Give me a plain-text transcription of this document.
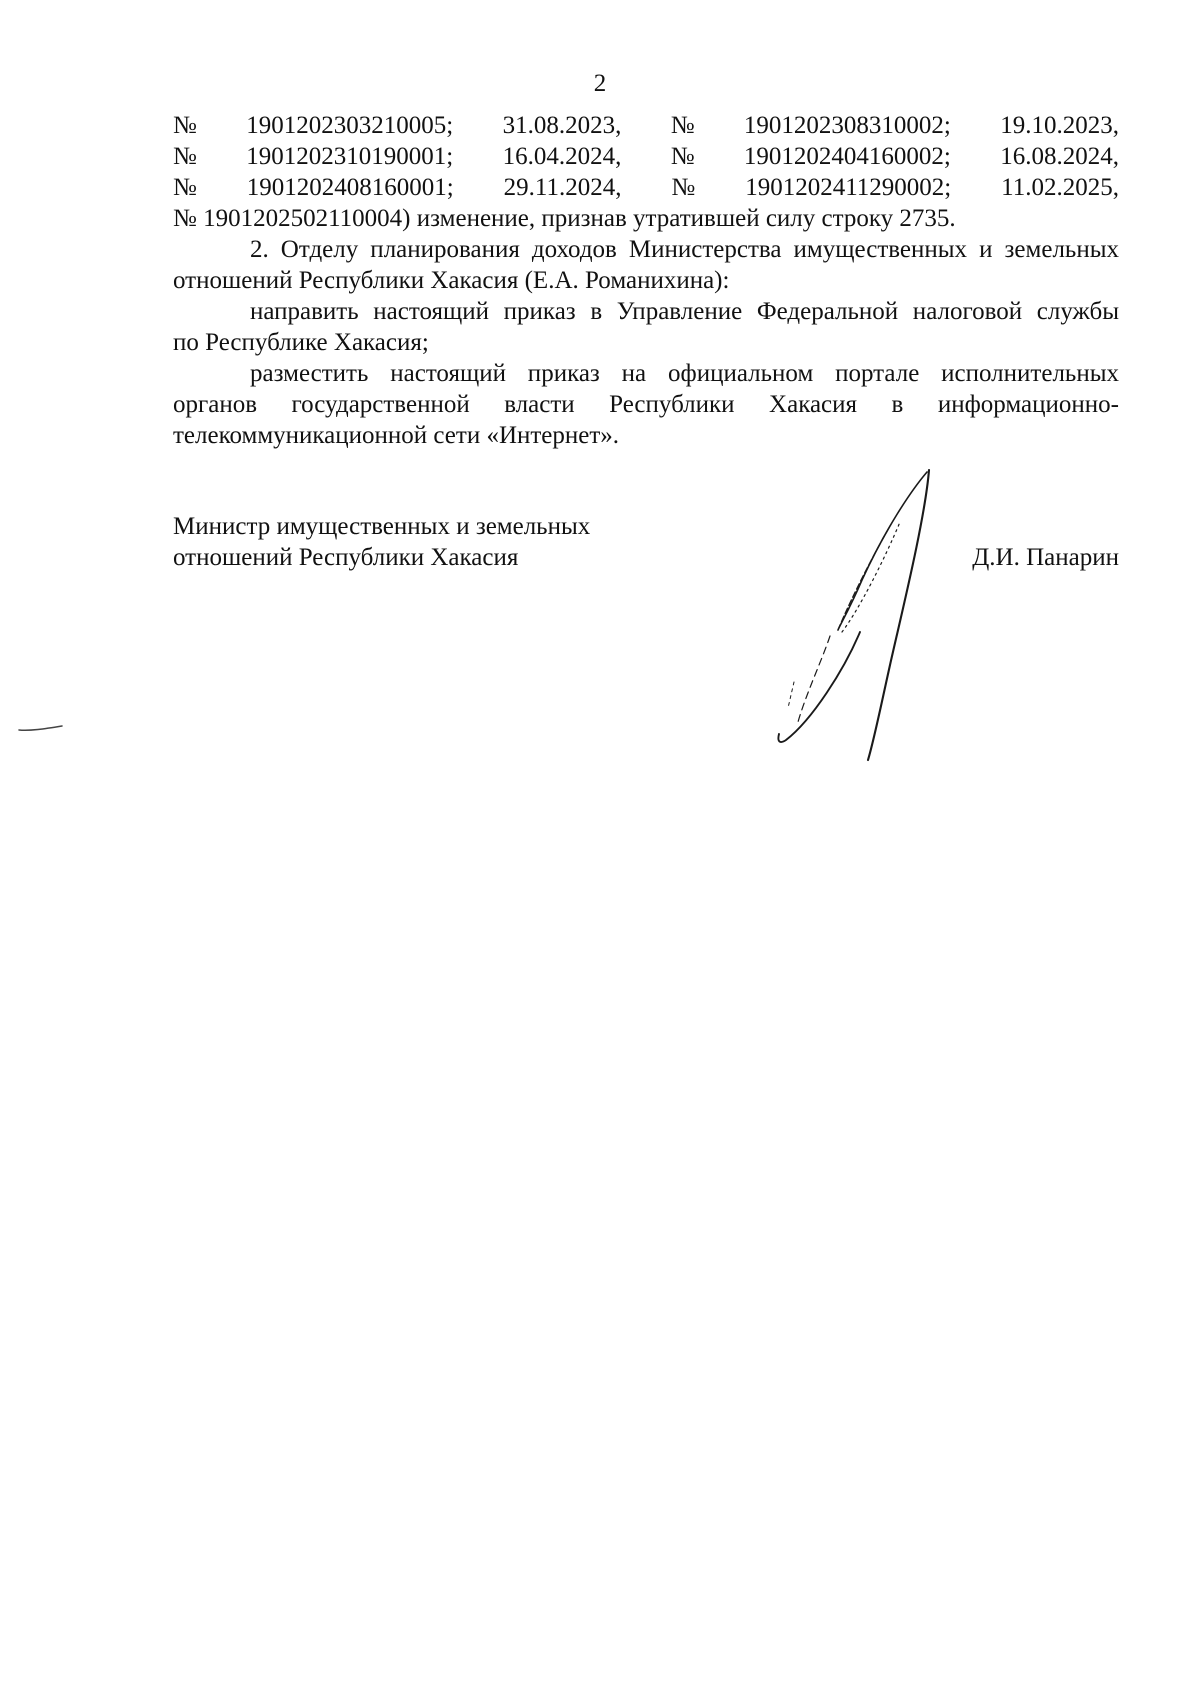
2
№ 1901202303210005; 31.08.2023, № 1901202308310002; 19.10.2023,
№ 1901202310190001; 16.04.2024, № 1901202404160002; 16.08.2024,
№ 1901202408160001; 29.11.2024, № 1901202411290002; 11.02.2025,
№ 1901202502110004) изменение, признав утратившей силу строку 2735.
2. Отделу планирования доходов Министерства имущественных и земельных
отношений Республики Хакасия (Е.А. Романихина):
направить настоящий приказ в Управление Федеральной налоговой службы
по Республике Хакасия;
разместить настоящий приказ на официальном портале исполнительных
органов государственной власти Республики Хакасия в информационно-
телекоммуникационной сети «Интернет».
Министр имущественных и земельных
отношений Республики Хакасия	Д.И. Панарин
